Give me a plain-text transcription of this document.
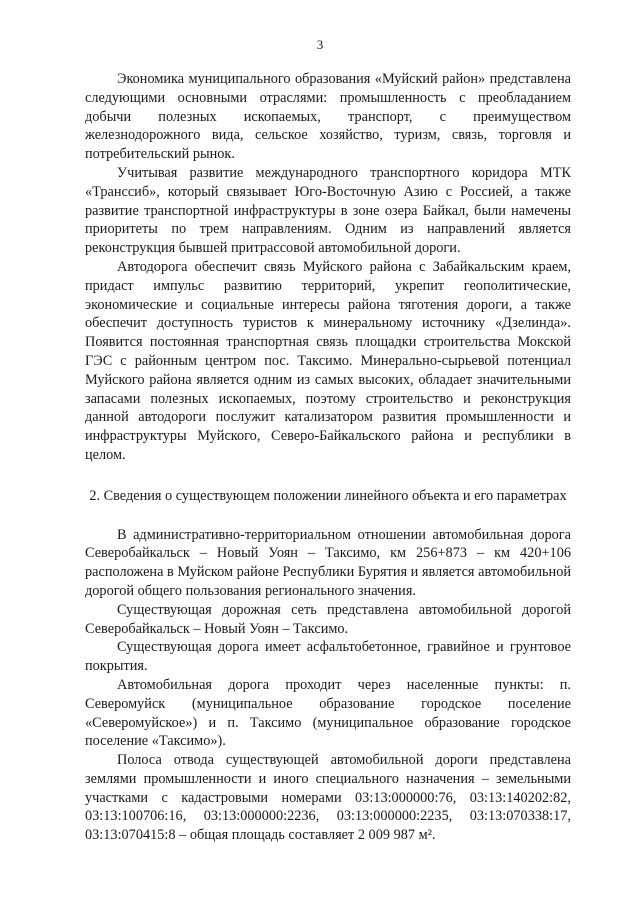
3

Экономика муниципального образования «Муйский район» представлена следующими основными отраслями: промышленность с преобладанием добычи полезных ископаемых, транспорт, с преимуществом железнодорожного вида, сельское хозяйство, туризм, связь, торговля и потребительский рынок.

Учитывая развитие международного транспортного коридора МТК «Транссиб», который связывает Юго-Восточную Азию с Россией, а также развитие транспортной инфраструктуры в зоне озера Байкал, были намечены приоритеты по трем направлениям. Одним из направлений является реконструкция бывшей притрассовой автомобильной дороги.

Автодорога обеспечит связь Муйского района с Забайкальским краем, придаст импульс развитию территорий, укрепит геополитические, экономические и социальные интересы района тяготения дороги, а также обеспечит доступность туристов к минеральному источнику «Дзелинда». Появится постоянная транспортная связь площадки строительства Мокской ГЭС с районным центром пос. Таксимо. Минерально-сырьевой потенциал Муйского района является одним из самых высоких, обладает значительными запасами полезных ископаемых, поэтому строительство и реконструкция данной автодороги послужит катализатором развития промышленности и инфраструктуры Муйского, Северо-Байкальского района и республики в целом.

2. Сведения о существующем положении линейного объекта и его параметрах

В административно-территориальном отношении автомобильная дорога Северобайкальск – Новый Уоян – Таксимо, км 256+873 – км 420+106 расположена в Муйском районе Республики Бурятия и является автомобильной дорогой общего пользования регионального значения.

Существующая дорожная сеть представлена автомобильной дорогой Северобайкальск – Новый Уоян – Таксимо.

Существующая дорога имеет асфальтобетонное, гравийное и грунтовое покрытия.

Автомобильная дорога проходит через населенные пункты: п. Северомуйск (муниципальное образование городское поселение «Северомуйское») и п. Таксимо (муниципальное образование городское поселение «Таксимо»).

Полоса отвода существующей автомобильной дороги представлена землями промышленности и иного специального назначения – земельными участками с кадастровыми номерами 03:13:000000:76, 03:13:140202:82, 03:13:100706:16, 03:13:000000:2236, 03:13:000000:2235, 03:13:070338:17, 03:13:070415:8 – общая площадь составляет 2 009 987 м².
